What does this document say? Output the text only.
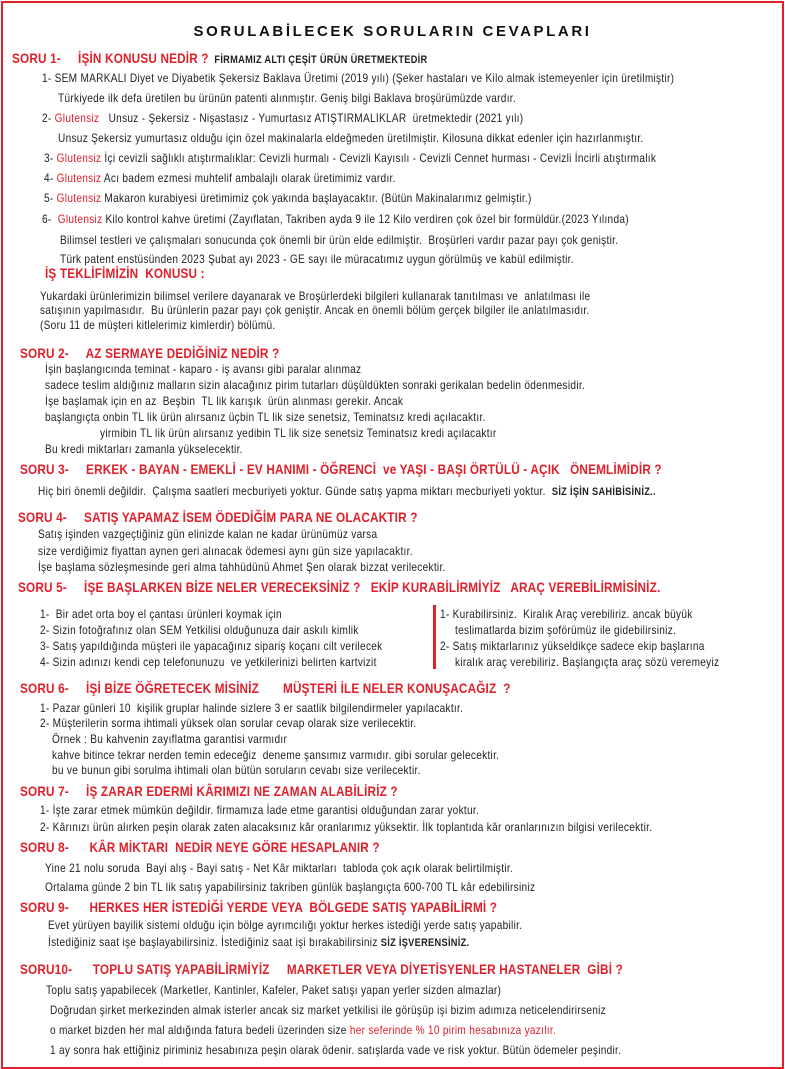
SORULABİLECEK SORULARIN CEVAPLARI
SORU 1-     İŞİN KONUSU NEDİR ?  FİRMAMIZ ALTI ÇEŞİT ÜRÜN ÜRETMEKTEDİR
1- SEM MARKALI Diyet ve Diyabetik Şekersiz Baklava Üretimi (2019 yılı) (Şeker hastaları ve Kilo almak istemeyenler için üretilmiştir)
Türkiyede ilk defa üretilen bu ürünün patenti alınmıştır. Geniş bilgi Baklava broşürümüzde vardır.
2- Glutensiz   Unsuz - Şekersiz - Nişastasız - Yumurtasız ATIŞTIRMALIKLAR  üretmektedir (2021 yılı)
Unsuz Şekersiz yumurtasız olduğu için özel makinalarla eldeğmeden üretilmiştir. Kilosuna dikkat edenler için hazırlanmıştır.
3- Glutensiz İçi cevizli sağlıklı atıştırmalıklar: Cevizli hurmalı - Cevizli Kayısılı - Cevizli Cennet hurması - Cevizli İncirli atıştırmalık
4- Glutensiz Acı badem ezmesi muhtelif ambalajlı olarak üretimimiz vardır.
5- Glutensiz Makaron kurabiyesi üretimimiz çok yakında başlayacaktır. (Bütün Makinalarımız gelmiştir.)
6-  Glutensiz Kilo kontrol kahve üretimi (Zayıflatan, Takriben ayda 9 ile 12 Kilo verdiren çok özel bir formüldür.(2023 Yılında)
Bilimsel testleri ve çalışmaları sonucunda çok önemli bir ürün elde edilmiştir.  Broşürleri vardır pazar payı çok geniştir.
Türk patent enstüsünden 2023 Şubat ayı 2023 - GE sayı ile müracatımız uygun görülmüş ve kabül edilmiştir.
İŞ TEKLİFİMİZİN  KONUSU :
Yukardaki ürünlerimizin bilimsel verilere dayanarak ve Broşürlerdeki bilgileri kullanarak tanıtılması ve  anlatılması ile
satışının yapılmasıdır.  Bu ürünlerin pazar payı çok geniştir. Ancak en önemli bölüm gerçek bilgiler ile anlatılmasıdır.
(Soru 11 de müşteri kitlelerimiz kimlerdir) bölümü.
SORU 2-     AZ SERMAYE DEDİĞİNİZ NEDİR ?
İşin başlangıcında teminat - kaparo - iş avansı gibi paralar alınmaz
sadece teslim aldığınız malların sizin alacağınız pirim tutarları düşüldükten sonraki gerikalan bedelin ödenmesidir.
İşe başlamak için en az  Beşbin  TL lik karışık  ürün alınması gerekir. Ancak
başlangıçta onbin TL lik ürün alırsanız üçbin TL lik size senetsiz, Teminatsız kredi açılacaktır.
yirmibin TL lik ürün alırsanız yedibin TL lik size senetsiz Teminatsız kredi açılacaktır
Bu kredi miktarları zamanla yükselecektir.
SORU 3-     ERKEK - BAYAN - EMEKLİ - EV HANIMI - ÖĞRENCİ  ve YAŞI - BAŞI ÖRTÜLÜ - AÇIK   ÖNEMLİMİDİR ?
Hiç biri önemli değildir.  Çalışma saatleri mecburiyeti yoktur. Günde satış yapma miktarı mecburiyeti yoktur.  SİZ İŞİN SAHİBİSİNİZ..
SORU 4-     SATIŞ YAPAMAZ İSEM ÖDEDİĞİM PARA NE OLACAKTIR ?
Satış işinden vazgeçtiğiniz gün elinizde kalan ne kadar ürünümüz varsa
size verdiğimiz fiyattan aynen geri alınacak ödemesi aynı gün size yapılacaktır.
İşe başlama sözleşmesinde geri alma tahhüdünü Ahmet Şen olarak bizzat verilecektir.
SORU 5-     İŞE BAŞLARKEN BİZE NELER VERECEKSİNİZ ?   EKİP KURABİLİRMİYİZ   ARAÇ VEREBİLİRMİSİNİZ.
1-  Bir adet orta boy el çantası ürünleri koymak için
2- Sizin fotoğrafınız olan SEM Yetkilisi olduğunuza dair askılı kimlik
3- Satış yapıldığında müşteri ile yapacağınız sipariş koçanı cilt verilecek
4- Sizin adınızı kendi cep telefonunuzu  ve yetkilerinizi belirten kartvizit
1- Kurabilirsiniz.  Kiralık Araç verebiliriz. ancak büyük
teslimatlarda bizim şoförümüz ile gidebilirsiniz.
2- Satış miktarlarınız yükseldikçe sadece ekip başlarına
kiralık araç verebiliriz. Başlangıçta araç sözü veremeyiz
SORU 6-     İŞİ BİZE ÖĞRETECEK MİSİNİZ       MÜŞTERİ İLE NELER KONUŞACAĞIZ  ?
1- Pazar günleri 10  kişilik gruplar halinde sizlere 3 er saatlik bilgilendirmeler yapılacaktır.
2- Müşterilerin sorma ihtimali yüksek olan sorular cevap olarak size verilecektir.
Örnek : Bu kahvenin zayıflatma garantisi varmıdır
kahve bitince tekrar nerden temin edeceğiz  deneme şansımız varmıdır. gibi sorular gelecektir.
bu ve bunun gibi sorulma ihtimali olan bütün soruların cevabı size verilecektir.
SORU 7-     İŞ ZARAR EDERMİ KÂRIMIZI NE ZAMAN ALABİLİRİZ ?
1- İşte zarar etmek mümkün değildir. firmamıza İade etme garantisi olduğundan zarar yoktur.
2- Kârınızı ürün alırken peşin olarak zaten alacaksınız kâr oranlarımız yüksektir. İlk toplantıda kâr oranlarınızın bilgisi verilecektir.
SORU 8-      KÂR MİKTARI  NEDİR NEYE GÖRE HESAPLANIR ?
Yine 21 nolu soruda  Bayi alış - Bayi satış - Net Kâr miktarları  tabloda çok açık olarak belirtilmiştir.
Ortalama günde 2 bin TL lik satış yapabilirsiniz takriben günlük başlangıçta 600-700 TL kâr edebilirsiniz
SORU 9-      HERKES HER İSTEDİĞİ YERDE VEYA  BÖLGEDE SATIŞ YAPABİLİRMİ ?
Evet yürüyen bayilik sistemi olduğu için bölge ayrımcılığı yoktur herkes istediği yerde satış yapabilir.
İstediğiniz saat işe başlayabilirsiniz. İstediğiniz saat işi bırakabilirsiniz SİZ İŞVERENSİNİZ.
SORU10-      TOPLU SATIŞ YAPABİLİRMİYİZ     MARKETLER VEYA DİYETİSYENLER HASTANELER  GİBİ ?
Toplu satış yapabilecek (Marketler, Kantinler, Kafeler, Paket satışı yapan yerler sizden almazlar)
Doğrudan şirket merkezinden almak isterler ancak siz market yetkilisi ile görüşüp işi bizim adımıza neticelendirirseniz
o market bizden her mal aldığında fatura bedeli üzerinden size her seferinde % 10 pirim hesabınıza yazılır.
1 ay sonra hak ettiğiniz piriminiz hesabınıza peşin olarak ödenir. satışlarda vade ve risk yoktur. Bütün ödemeler peşindir.
